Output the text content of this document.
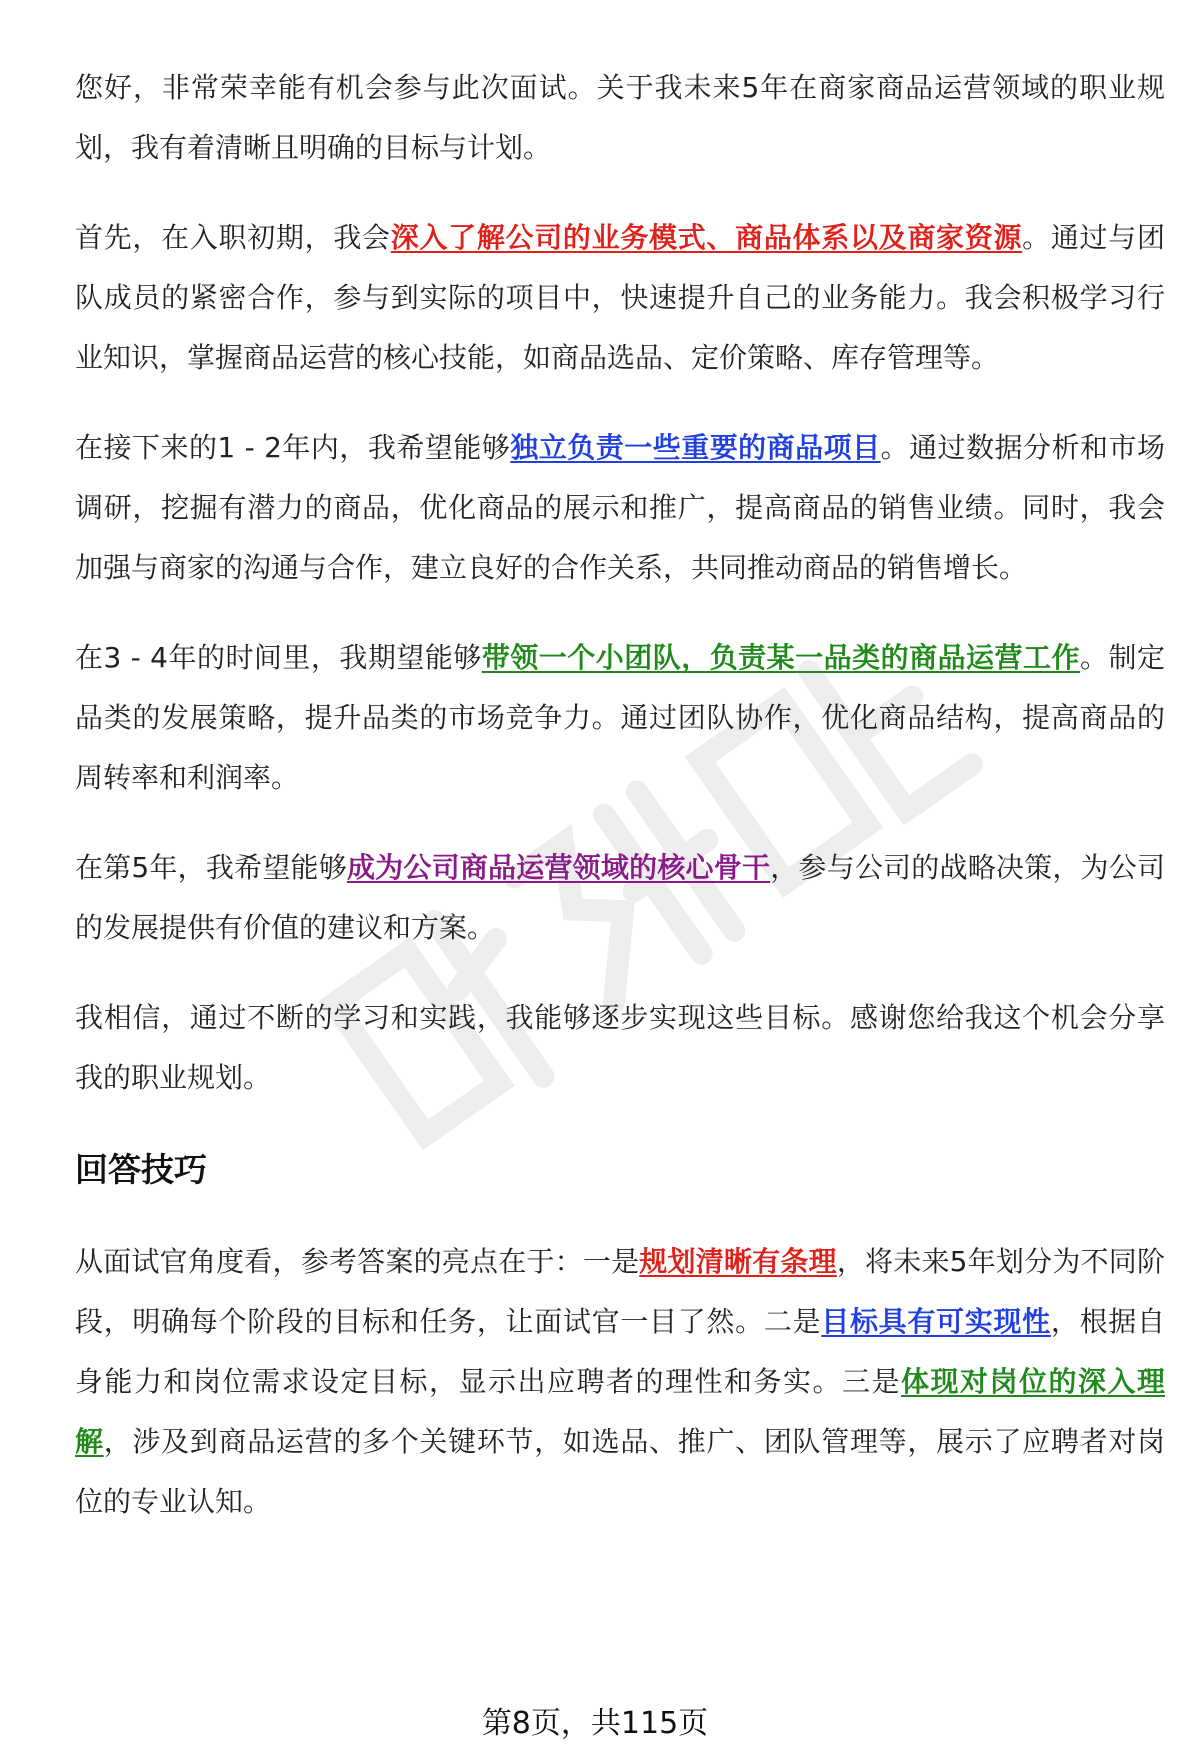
您好，非常荣幸能有机会参与此次面试。关于我未来5年在商家商品运营领域的职业规划，我有着清晰且明确的目标与计划。

首先，在入职初期，我会深入了解公司的业务模式、商品体系以及商家资源。通过与团队成员的紧密合作，参与到实际的项目中，快速提升自己的业务能力。我会积极学习行业知识，掌握商品运营的核心技能，如商品选品、定价策略、库存管理等。

在接下来的1 - 2年内，我希望能够独立负责一些重要的商品项目。通过数据分析和市场调研，挖掘有潜力的商品，优化商品的展示和推广，提高商品的销售业绩。同时，我会加强与商家的沟通与合作，建立良好的合作关系，共同推动商品的销售增长。

在3 - 4年的时间里，我期望能够带领一个小团队，负责某一品类的商品运营工作。制定品类的发展策略，提升品类的市场竞争力。通过团队协作，优化商品结构，提高商品的周转率和利润率。

在第5年，我希望能够成为公司商品运营领域的核心骨干，参与公司的战略决策，为公司的发展提供有价值的建议和方案。

我相信，通过不断的学习和实践，我能够逐步实现这些目标。感谢您给我这个机会分享我的职业规划。

回答技巧

从面试官角度看，参考答案的亮点在于：一是规划清晰有条理，将未来5年划分为不同阶段，明确每个阶段的目标和任务，让面试官一目了然。二是目标具有可实现性，根据自身能力和岗位需求设定目标，显示出应聘者的理性和务实。三是体现对岗位的深入理解，涉及到商品运营的多个关键环节，如选品、推广、团队管理等，展示了应聘者对岗位的专业认知。

第8页，共115页
